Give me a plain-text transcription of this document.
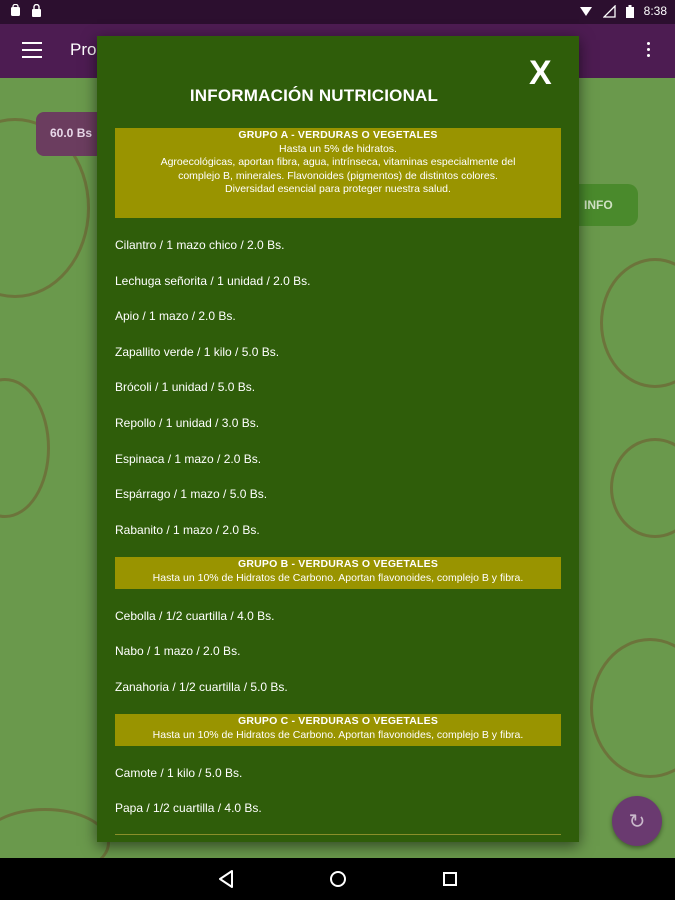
8:38
Pro
60.0 Bs
INFO
↻
INFORMACIÓN NUTRICIONAL
X
GRUPO A - VERDURAS O VEGETALES
Hasta un 5% de hidratos.
Agroecológicas, aportan fibra, agua, intrínseca, vitaminas especialmente del
complejo B, minerales. Flavonoides (pigmentos) de distintos colores.
Diversidad esencial para proteger nuestra salud.
Cilantro / 1 mazo chico / 2.0 Bs.
Lechuga señorita / 1 unidad / 2.0 Bs.
Apio / 1 mazo / 2.0 Bs.
Zapallito verde / 1 kilo / 5.0 Bs.
Brócoli / 1 unidad / 5.0 Bs.
Repollo / 1 unidad / 3.0 Bs.
Espinaca / 1 mazo / 2.0 Bs.
Espárrago / 1 mazo / 5.0 Bs.
Rabanito / 1 mazo / 2.0 Bs.
GRUPO B - VERDURAS O VEGETALES
Hasta un 10% de Hidratos de Carbono. Aportan flavonoides, complejo B y fibra.
Cebolla / 1/2 cuartilla / 4.0 Bs.
Nabo / 1 mazo / 2.0 Bs.
Zanahoria / 1/2 cuartilla / 5.0 Bs.
GRUPO C - VERDURAS O VEGETALES
Hasta un 10% de Hidratos de Carbono. Aportan flavonoides, complejo B y fibra.
Camote / 1 kilo / 5.0 Bs.
Papa / 1/2 cuartilla / 4.0 Bs.
